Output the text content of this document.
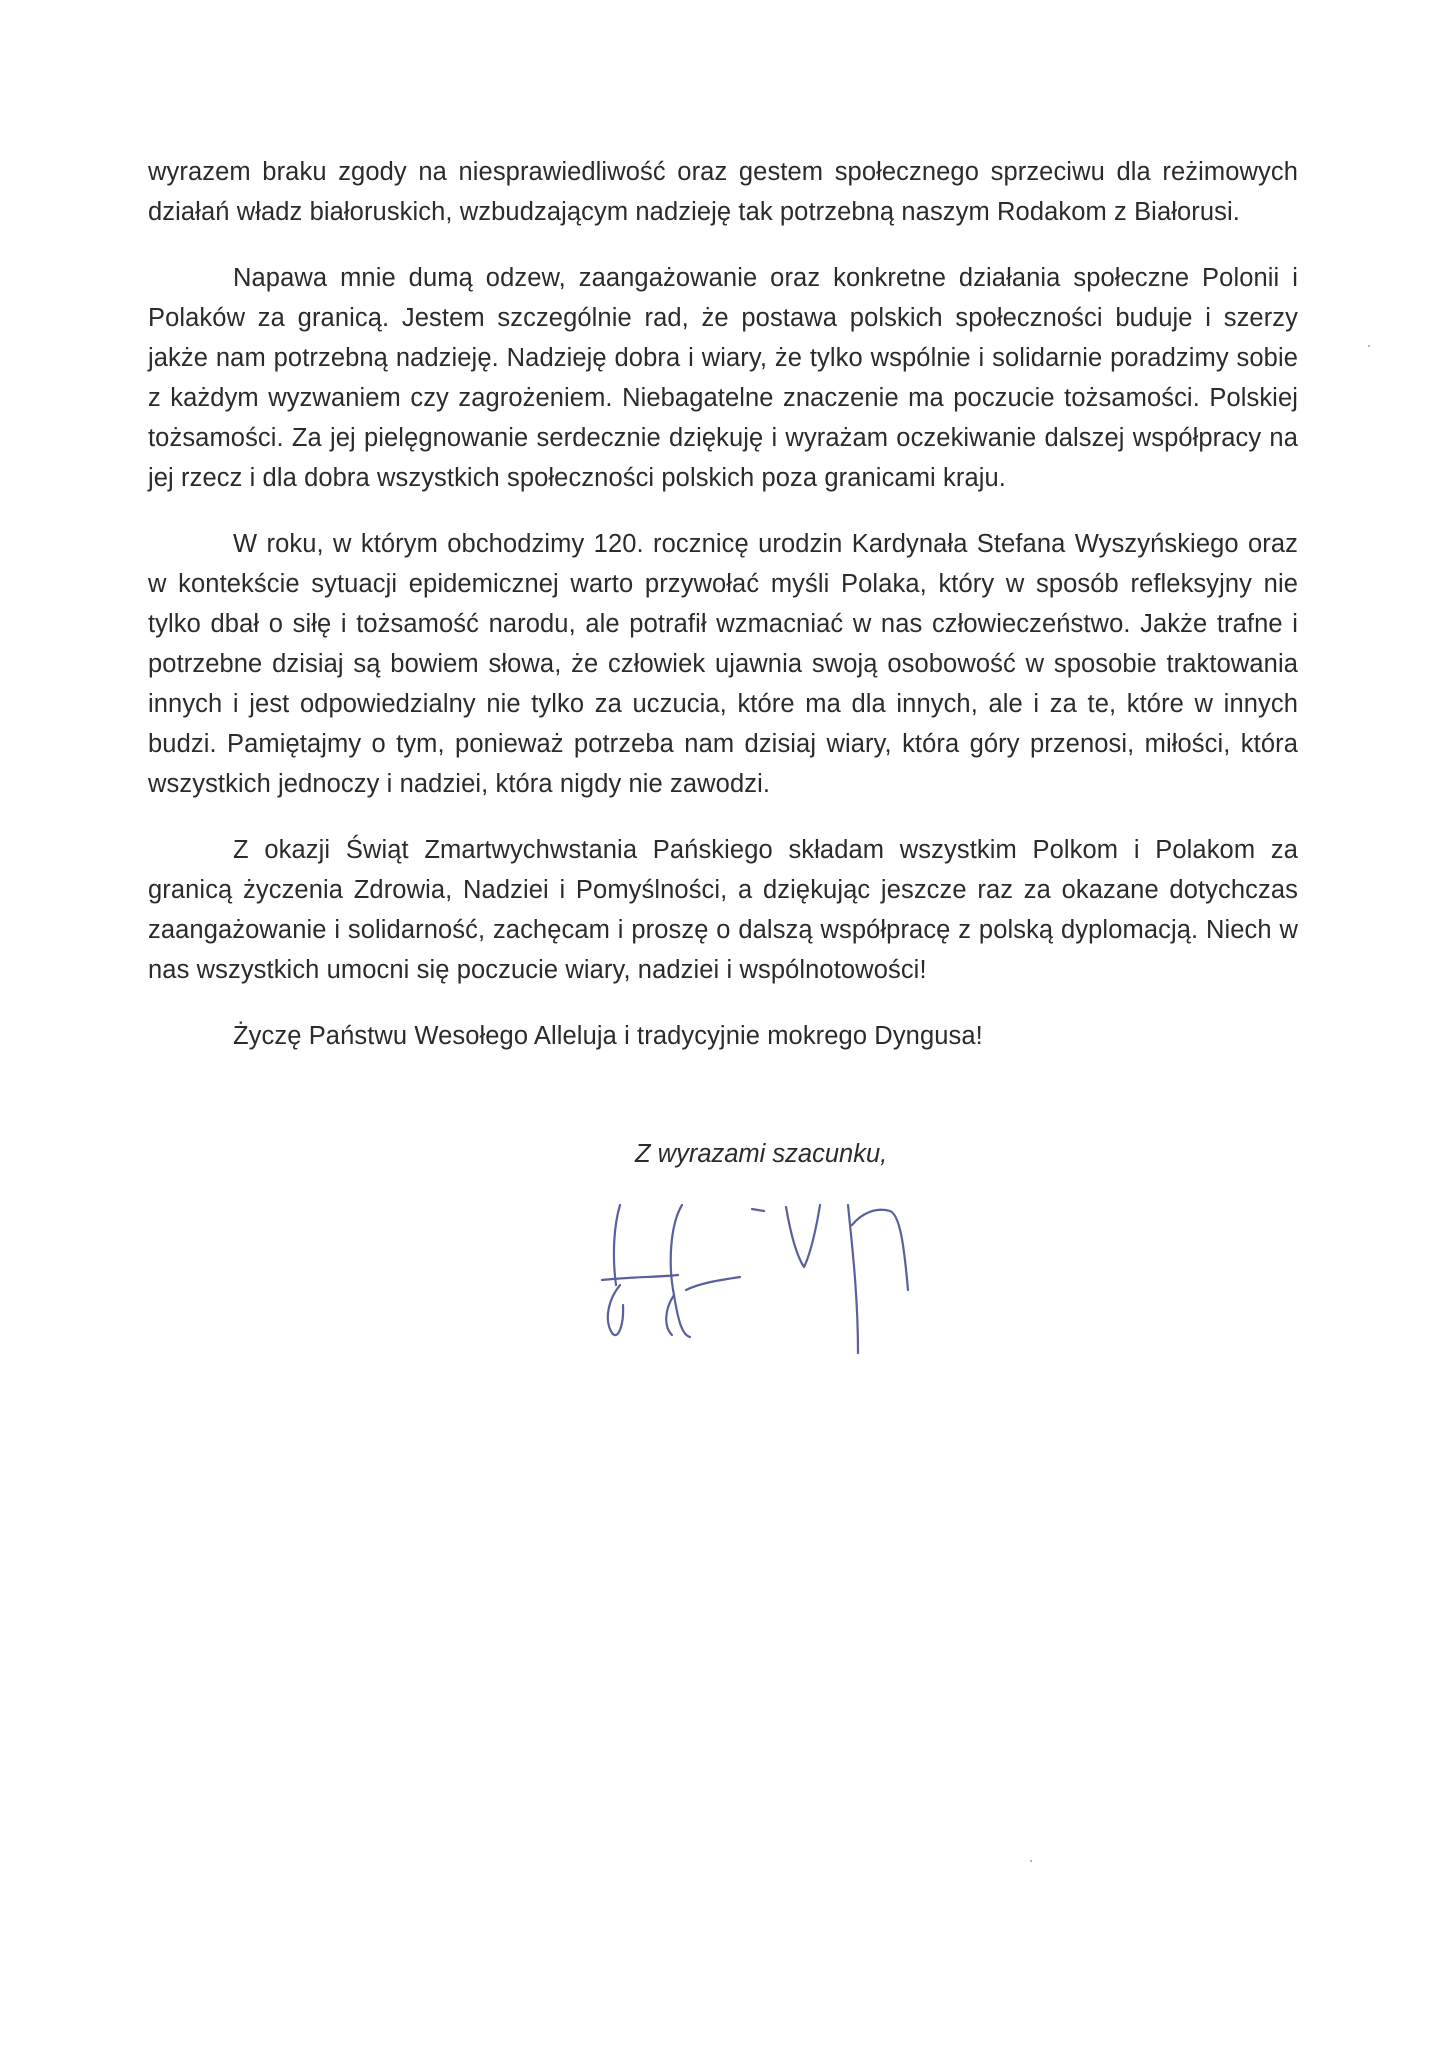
wyrazem braku zgody na niesprawiedliwość oraz gestem społecznego sprzeciwu dla reżimowych działań władz białoruskich, wzbudzającym nadzieję tak potrzebną naszym Rodakom z Białorusi.

Napawa mnie dumą odzew, zaangażowanie oraz konkretne działania społeczne Polonii i Polaków za granicą. Jestem szczególnie rad, że postawa polskich społeczności buduje i szerzy jakże nam potrzebną nadzieję. Nadzieję dobra i wiary, że tylko wspólnie i solidarnie poradzimy sobie z każdym wyzwaniem czy zagrożeniem. Niebagatelne znaczenie ma poczucie tożsamości. Polskiej tożsamości. Za jej pielęgnowanie serdecznie dziękuję i wyrażam oczekiwanie dalszej współpracy na jej rzecz i dla dobra wszystkich społeczności polskich poza granicami kraju.

W roku, w którym obchodzimy 120. rocznicę urodzin Kardynała Stefana Wyszyńskiego oraz w kontekście sytuacji epidemicznej warto przywołać myśli Polaka, który w sposób refleksyjny nie tylko dbał o siłę i tożsamość narodu, ale potrafił wzmacniać w nas człowieczeństwo. Jakże trafne i potrzebne dzisiaj są bowiem słowa, że człowiek ujawnia swoją osobowość w sposobie traktowania innych i jest odpowiedzialny nie tylko za uczucia, które ma dla innych, ale i za te, które w innych budzi. Pamiętajmy o tym, ponieważ potrzeba nam dzisiaj wiary, która góry przenosi, miłości, która wszystkich jednoczy i nadziei, która nigdy nie zawodzi.

Z okazji Świąt Zmartwychwstania Pańskiego składam wszystkim Polkom i Polakom za granicą życzenia Zdrowia, Nadziei i Pomyślności, a dziękując jeszcze raz za okazane dotychczas zaangażowanie i solidarność, zachęcam i proszę o dalszą współpracę z polską dyplomacją. Niech w nas wszystkich umocni się poczucie wiary, nadziei i wspólnotowości!

Życzę Państwu Wesołego Alleluja i tradycyjnie mokrego Dyngusa!

Z wyrazami szacunku,
